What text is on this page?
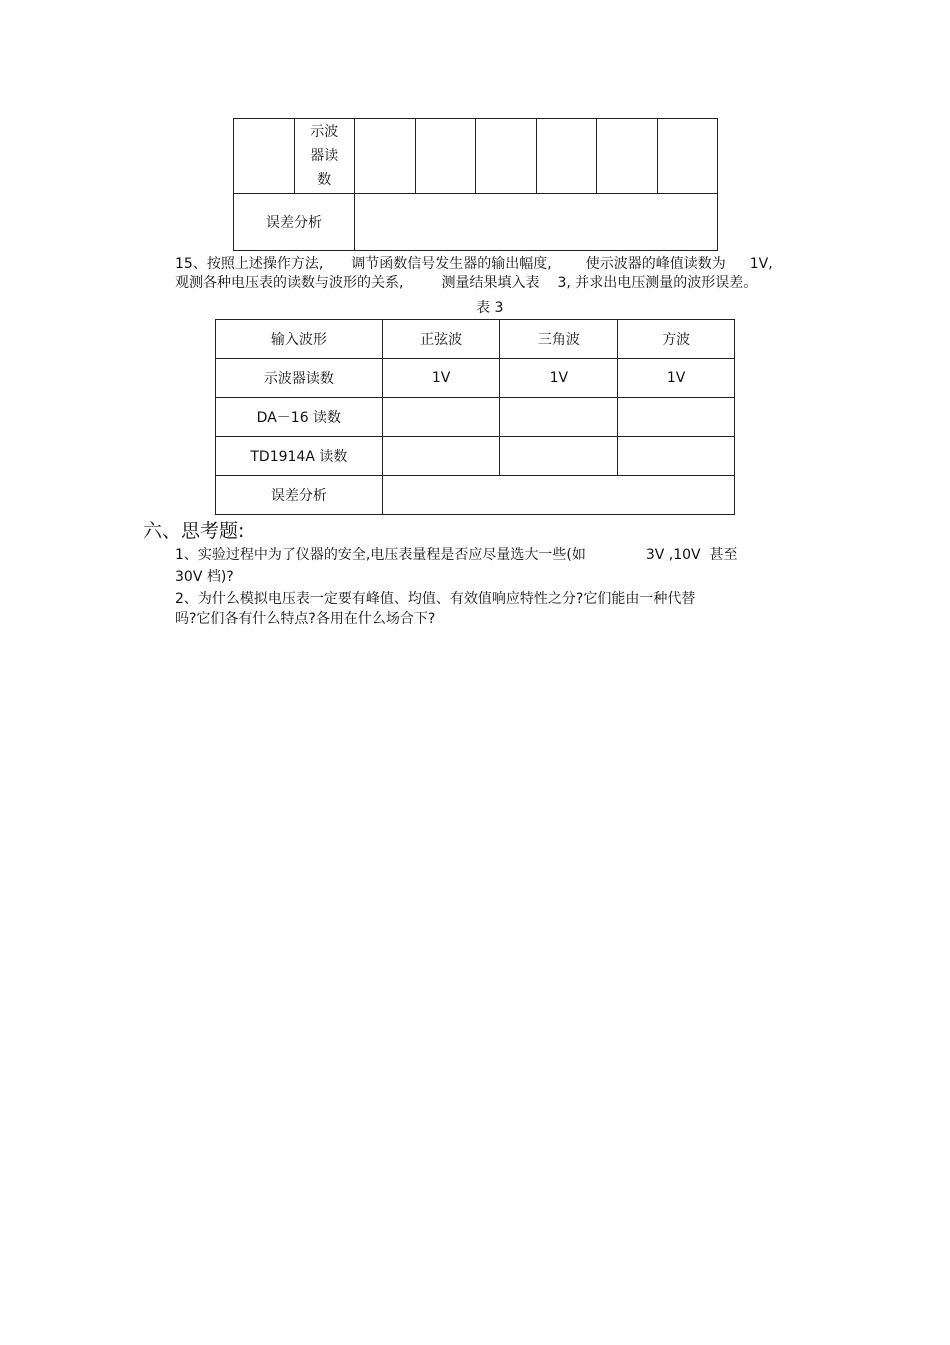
	示波器读数						
误差分析							
15、按照上述操作方法, 调节函数信号发生器的输出幅度, 使示波器的峰值读数为 1V,
观测各种电压表的读数与波形的关系,	测量结果填入表 3, 并求出电压测量的波形误差。
表 3
输入波形	正弦波	三角波	方波
示波器读数	1V	1V	1V
DA－16 读数			
TD1914A 读数			
误差分析			
六、思考题:
1、实验过程中为了仪器的安全,电压表量程是否应尽量选大一些(如	3V ,10V  甚至
30V 档)?
2、为什么模拟电压表一定要有峰值、均值、有效值响应特性之分?它们能由一种代替
吗?它们各有什么特点?各用在什么场合下?
